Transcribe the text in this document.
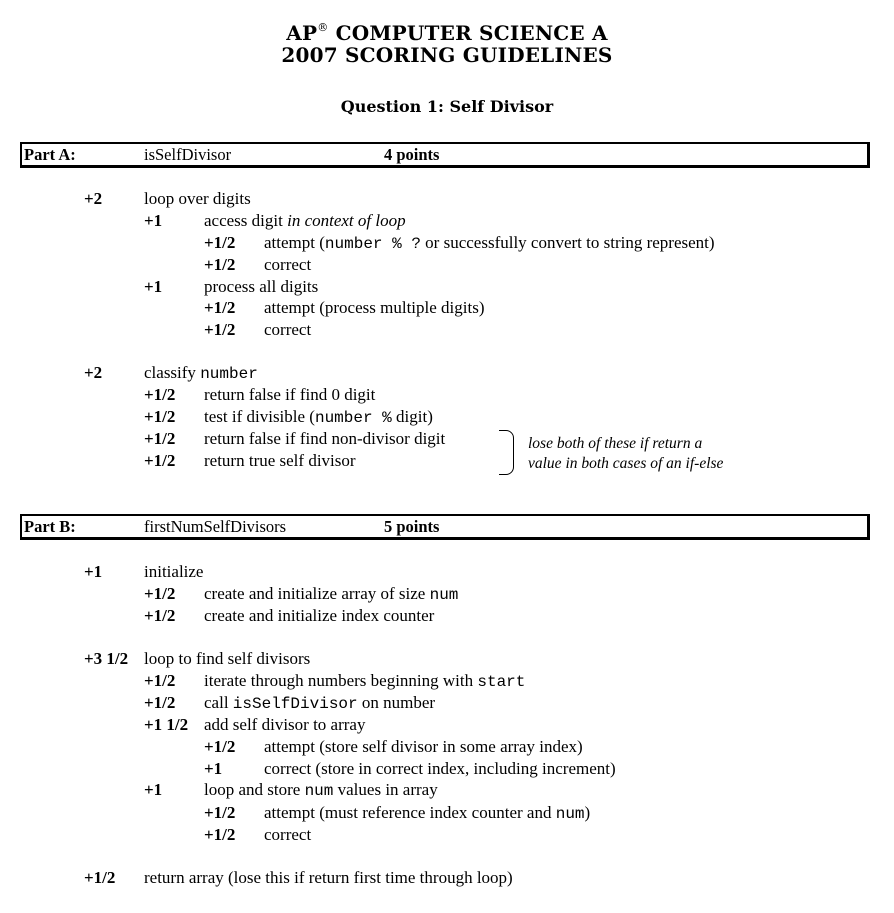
AP® COMPUTER SCIENCE A
2007 SCORING GUIDELINES
Question 1: Self Divisor
Part A:	isSelfDivisor	4 points
+2 loop over digits
+1 access digit in context of loop
+1/2 attempt (number % ? or successfully convert to string represent)
+1/2 correct
+1 process all digits
+1/2 attempt (process multiple digits)
+1/2 correct
+2 classify number
+1/2 return false if find 0 digit
+1/2 test if divisible (number % digit)
+1/2 return false if find non-divisor digit
+1/2 return true self divisor
lose both of these if return a
value in both cases of an if-else
Part B:	firstNumSelfDivisors	5 points
+1 initialize
+1/2 create and initialize array of size num
+1/2 create and initialize index counter
+3 1/2 loop to find self divisors
+1/2 iterate through numbers beginning with start
+1/2 call isSelfDivisor on number
+1 1/2 add self divisor to array
+1/2 attempt (store self divisor in some array index)
+1 correct (store in correct index, including increment)
+1 loop and store num values in array
+1/2 attempt (must reference index counter and num)
+1/2 correct
+1/2 return array (lose this if return first time through loop)
